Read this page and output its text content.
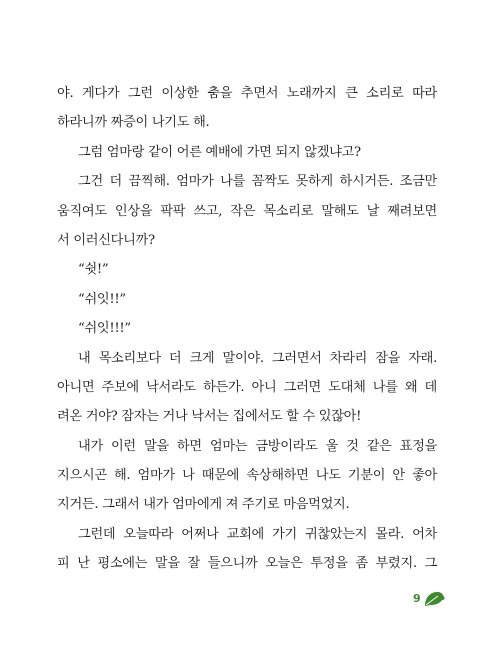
야. 게다가 그런 이상한 춤을 추면서 노래까지 큰 소리로 따라
하라니까 짜증이 나기도 해.
그럼 엄마랑 같이 어른 예배에 가면 되지 않겠냐고?
그건 더 끔찍해. 엄마가 나를 꼼짝도 못하게 하시거든. 조금만
움직여도 인상을 팍팍 쓰고, 작은 목소리로 말해도 날 째려보면
서 이러신다니까?
“쉿!”
“쉬잇!!”
“쉬잇!!!”
내 목소리보다 더 크게 말이야. 그러면서 차라리 잠을 자래.
아니면 주보에 낙서라도 하든가. 아니 그러면 도대체 나를 왜 데
려온 거야? 잠자는 거나 낙서는 집에서도 할 수 있잖아!
내가 이런 말을 하면 엄마는 금방이라도 울 것 같은 표정을
지으시곤 해. 엄마가 나 때문에 속상해하면 나도 기분이 안 좋아
지거든. 그래서 내가 엄마에게 져 주기로 마음먹었지.
그런데 오늘따라 어쩌나 교회에 가기 귀찮았는지 몰라. 어차
피 난 평소에는 말을 잘 들으니까 오늘은 투정을 좀 부렸지. 그
9
